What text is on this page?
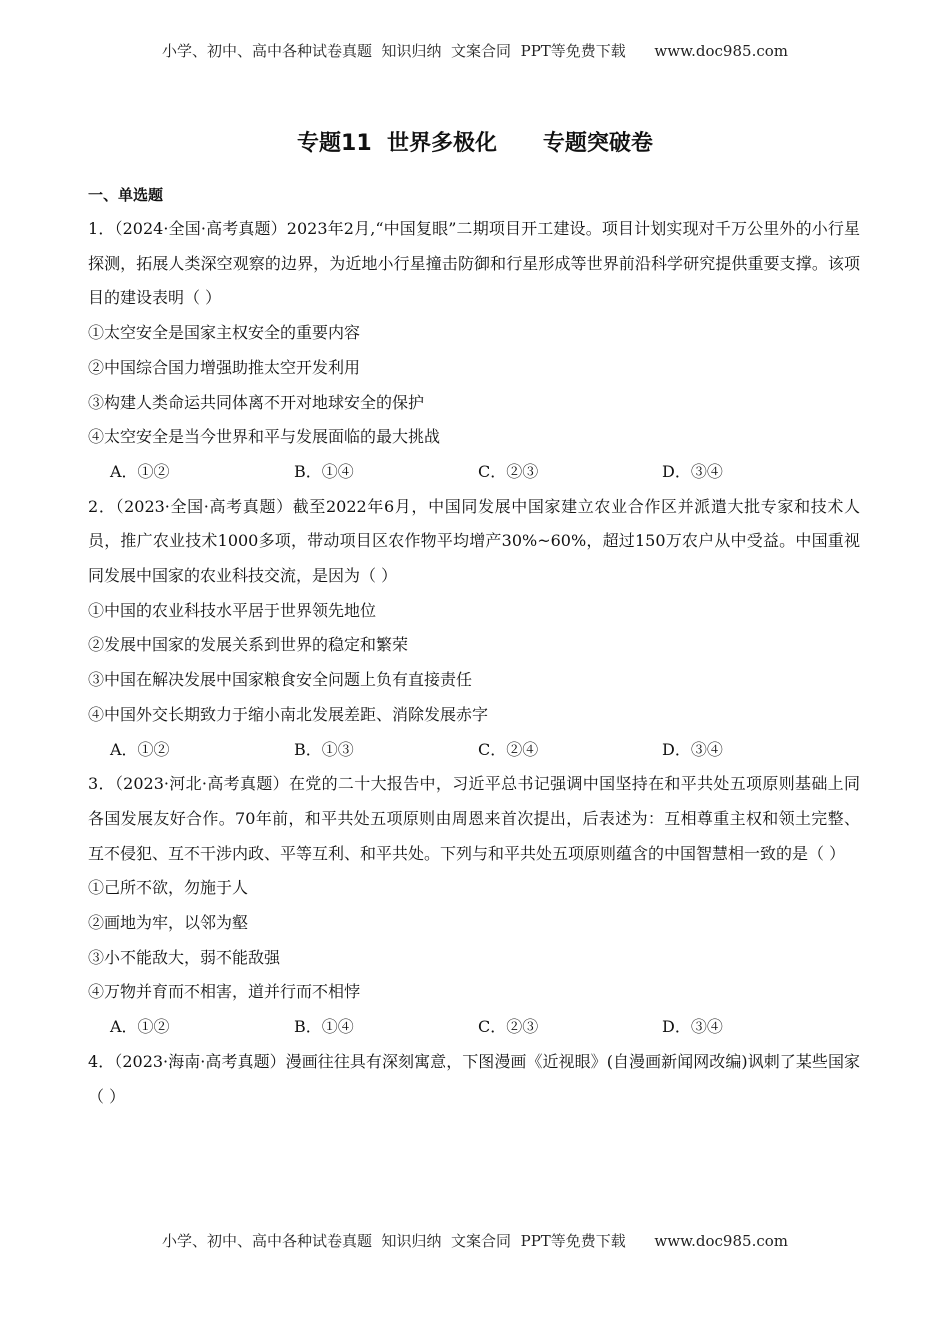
小学、初中、高中各种试卷真题  知识归纳  文案合同  PPT等免费下载      www.doc985.com
专题11  世界多极化      专题突破卷
一、单选题

1．（2024·全国·高考真题）2023年2月,“中国复眼”二期项目开工建设。项目计划实现对千万公里外的小行星探测，拓展人类深空观察的边界，为近地小行星撞击防御和行星形成等世界前沿科学研究提供重要支撑。该项目的建设表明（ ）

①太空安全是国家主权安全的重要内容

②中国综合国力增强助推太空开发利用

③构建人类命运共同体离不开对地球安全的保护

④太空安全是当今世界和平与发展面临的最大挑战

A．①②	B．①④	C．②③	D．③④

2．（2023·全国·高考真题）截至2022年6月，中国同发展中国家建立农业合作区并派遣大批专家和技术人员，推广农业技术1000多项，带动项目区农作物平均增产30%~60%，超过150万农户从中受益。中国重视同发展中国家的农业科技交流，是因为（ ）

①中国的农业科技水平居于世界领先地位

②发展中国家的发展关系到世界的稳定和繁荣

③中国在解决发展中国家粮食安全问题上负有直接责任

④中国外交长期致力于缩小南北发展差距、消除发展赤字

A．①②	B．①③	C．②④	D．③④

3．（2023·河北·高考真题）在党的二十大报告中，习近平总书记强调中国坚持在和平共处五项原则基础上同各国发展友好合作。70年前，和平共处五项原则由周恩来首次提出，后表述为：互相尊重主权和领土完整、互不侵犯、互不干涉内政、平等互利、和平共处。下列与和平共处五项原则蕴含的中国智慧相一致的是（ ）

①己所不欲，勿施于人

②画地为牢，以邻为壑

③小不能敌大，弱不能敌强

④万物并育而不相害，道并行而不相悖

A．①②	B．①④	C．②③	D．③④

4．（2023·海南·高考真题）漫画往往具有深刻寓意，下图漫画《近视眼》(自漫画新闻网改编)讽刺了某些国家（ ）

小学、初中、高中各种试卷真题  知识归纳  文案合同  PPT等免费下载      www.doc985.com
